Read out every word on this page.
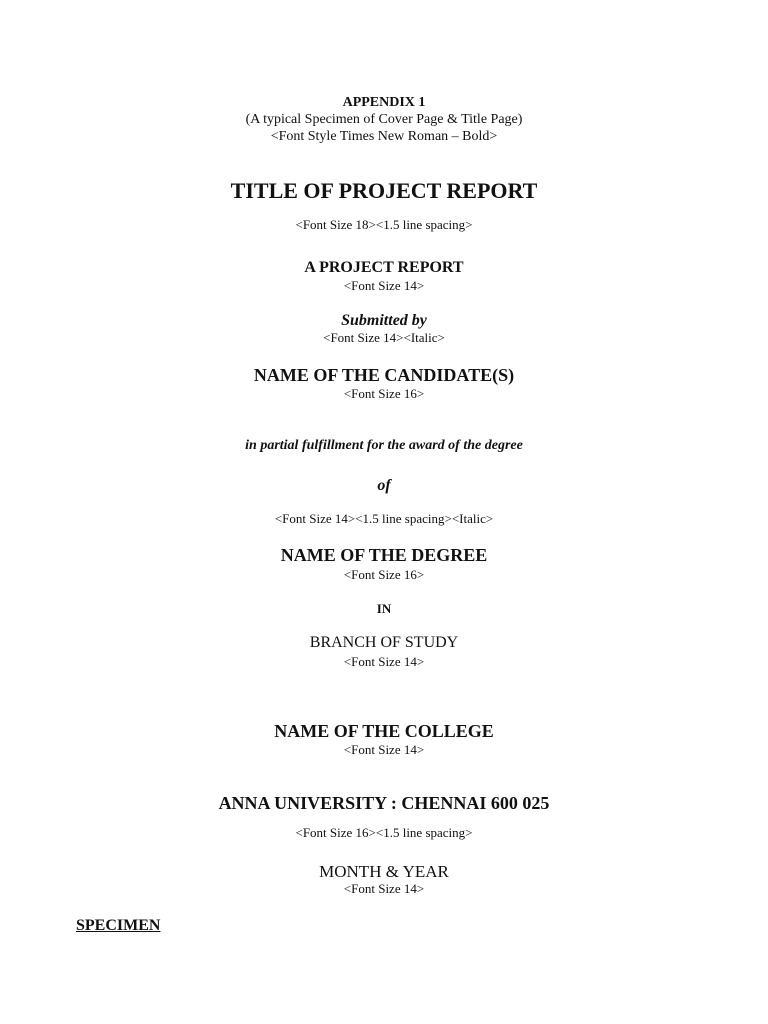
APPENDIX 1
(A typical Specimen of Cover Page & Title Page)
<Font Style Times New Roman – Bold>
TITLE OF PROJECT REPORT
<Font Size 18><1.5 line spacing>
A PROJECT REPORT
<Font Size 14>
Submitted by
<Font Size 14><Italic>
NAME OF THE CANDIDATE(S)
<Font Size 16>
in partial fulfillment for the award of the degree
of
<Font Size 14><1.5 line spacing><Italic>
NAME OF THE DEGREE
<Font Size 16>
IN
BRANCH OF STUDY
<Font Size 14>
NAME OF THE COLLEGE
<Font Size 14>
ANNA UNIVERSITY : CHENNAI 600 025
<Font Size 16><1.5 line spacing>
MONTH & YEAR
<Font Size 14>
SPECIMEN
